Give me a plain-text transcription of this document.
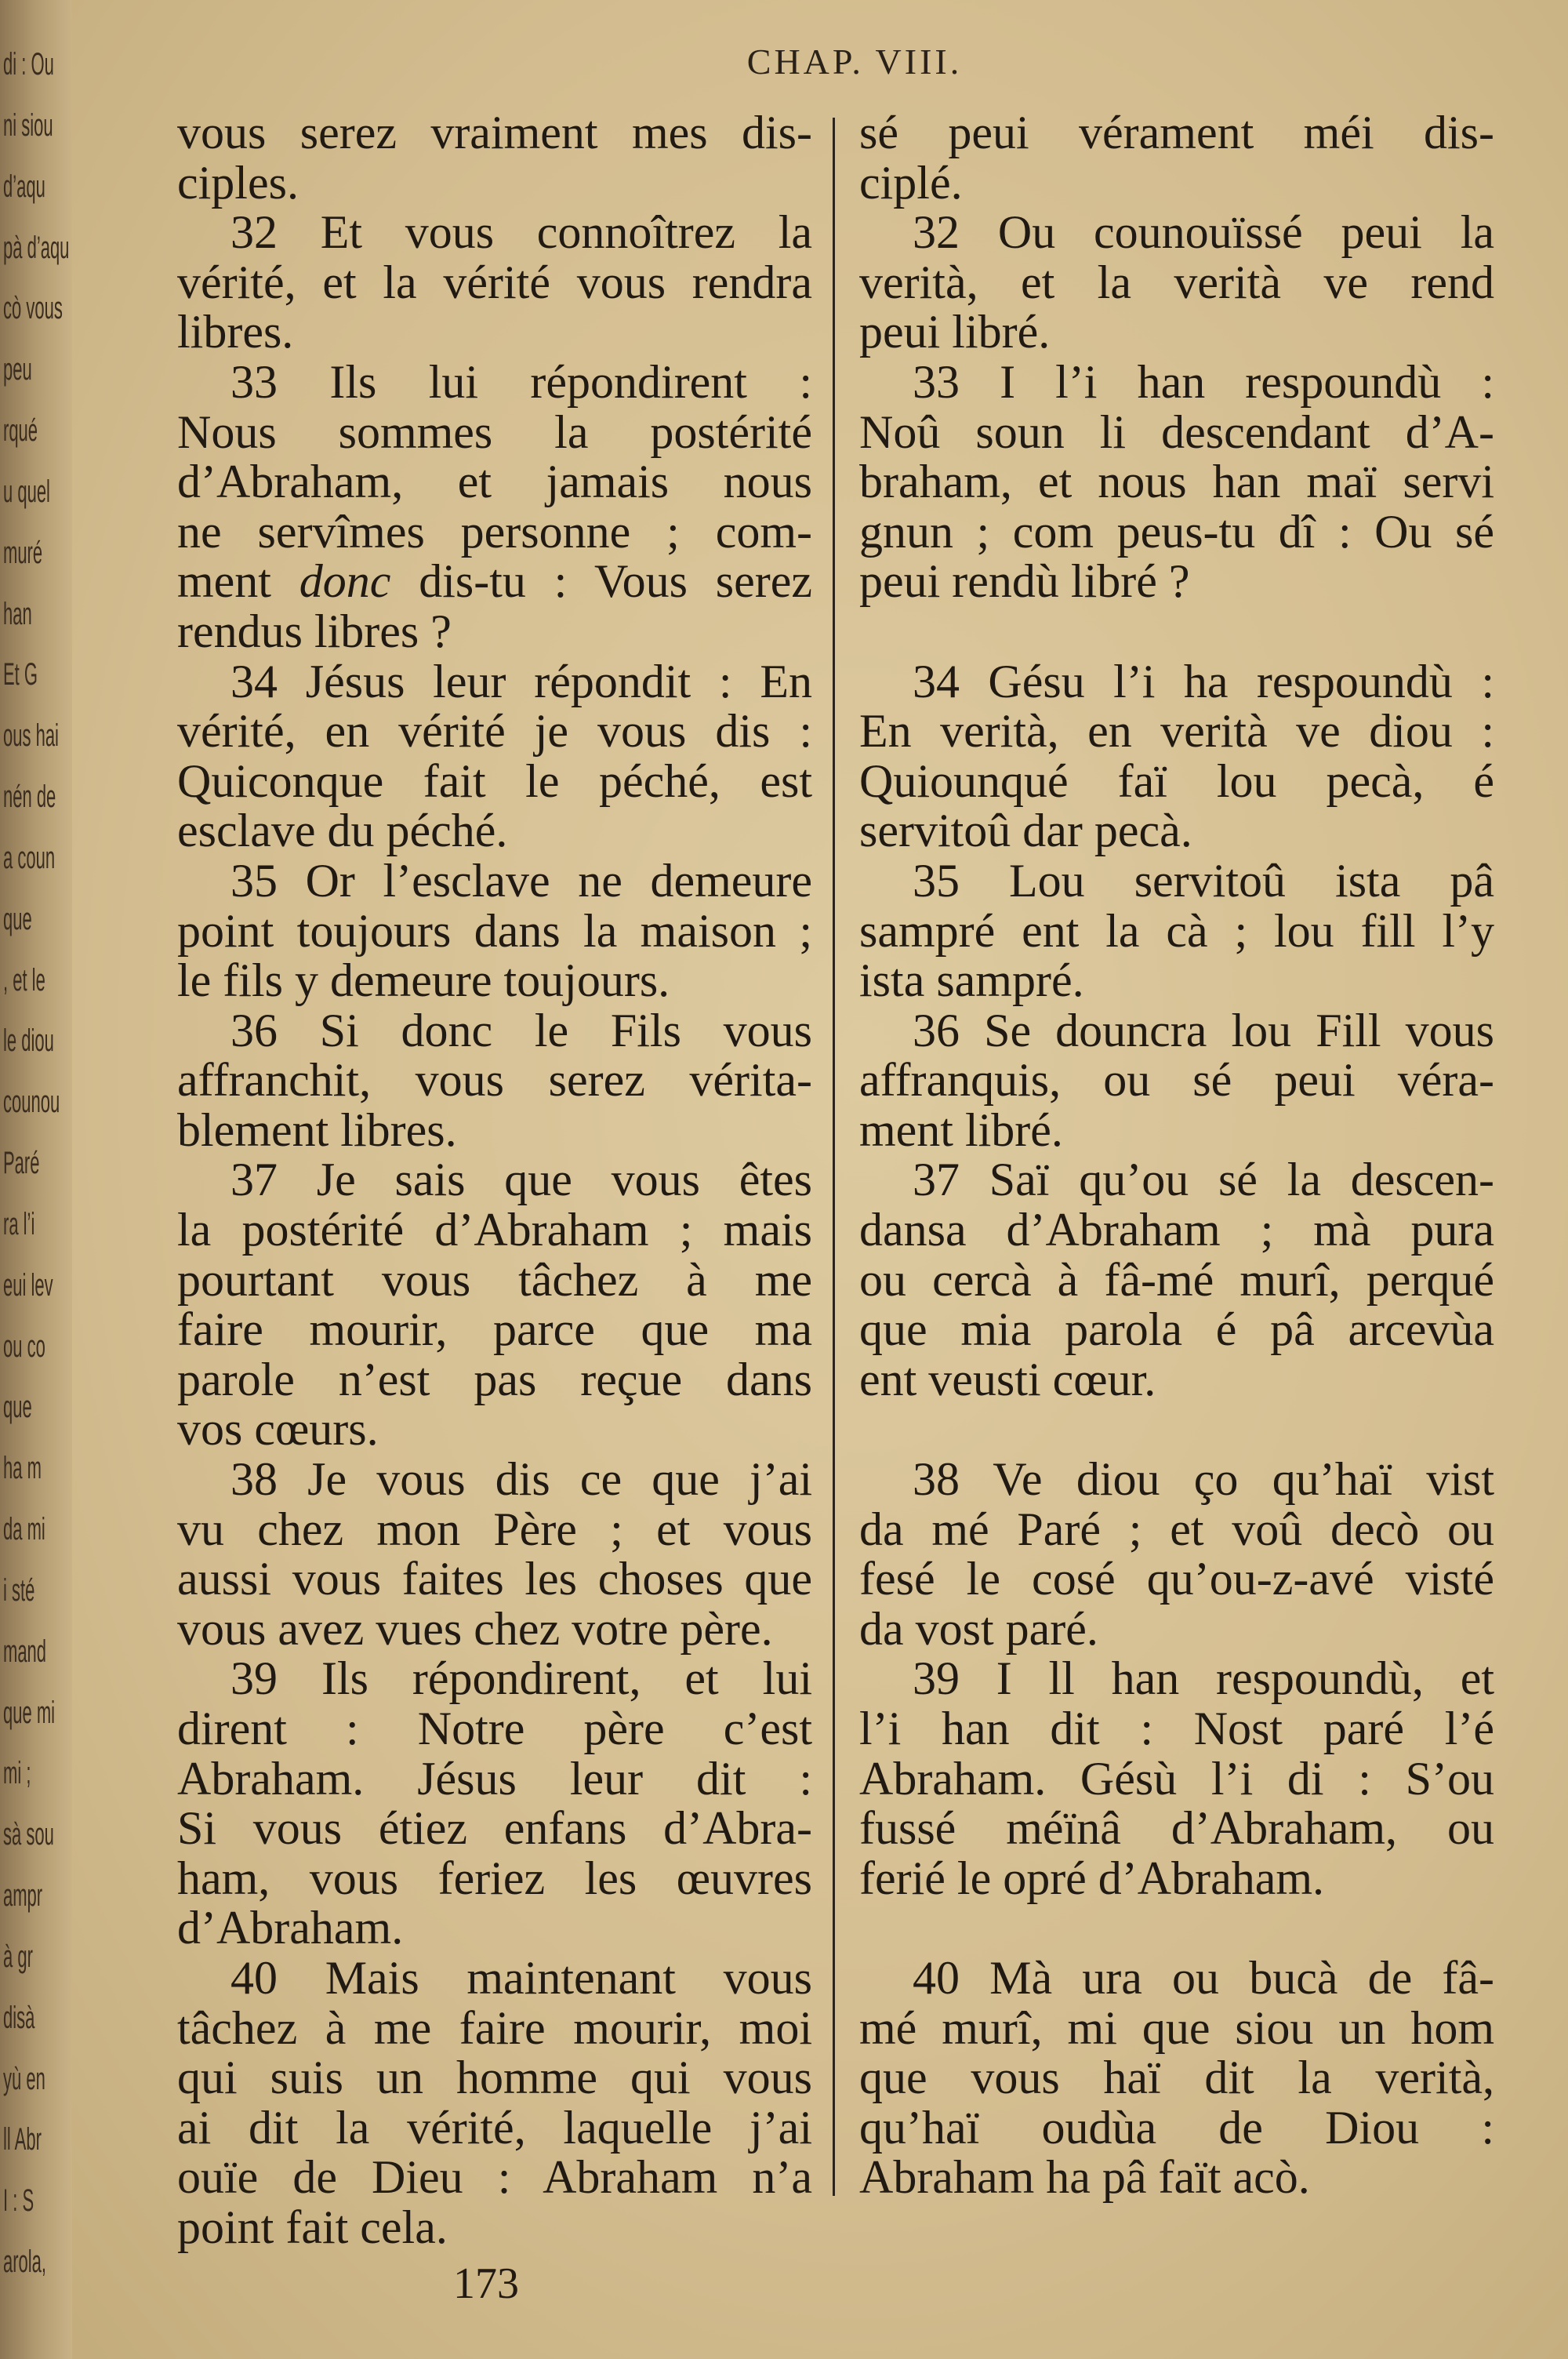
di : Ou
ni siou
d’aqu
pà d’aqu
cò vous
peu
rqué
u quel
muré
han
Et G
ous hai
nén de
a coun
que
, et le
le diou
counou
Paré
ra l’i
eui lev
ou co
que
ha m
da mi
i sté
mand
que mi
mi ;
sà sou
ampr
à gr
disà
yù en
ll Abr
I : S
arola,
CHAP. VIII.
vous serez vraiment mes dis-
ciples.
32 Et vous connoîtrez la
vérité, et la vérité vous rendra
libres.
33 Ils lui répondirent :
Nous sommes la postérité
d’Abraham, et jamais nous
ne servîmes personne ; com-
ment donc dis-tu : Vous serez
rendus libres ?
34 Jésus leur répondit : En
vérité, en vérité je vous dis :
Quiconque fait le péché, est
esclave du péché.
35 Or l’esclave ne demeure
point toujours dans la maison ;
le fils y demeure toujours.
36 Si donc le Fils vous
affranchit, vous serez vérita-
blement libres.
37 Je sais que vous êtes
la postérité d’Abraham ; mais
pourtant vous tâchez à me
faire mourir, parce que ma
parole n’est pas reçue dans
vos cœurs.
38 Je vous dis ce que j’ai
vu chez mon Père ; et vous
aussi vous faites les choses que
vous avez vues chez votre père.
39 Ils répondirent, et lui
dirent : Notre père c’est
Abraham. Jésus leur dit :
Si vous étiez enfans d’Abra-
ham, vous feriez les œuvres
d’Abraham.
40 Mais maintenant vous
tâchez à me faire mourir, moi
qui suis un homme qui vous
ai dit la vérité, laquelle j’ai
ouïe de Dieu : Abraham n’a
point fait cela.
sé peui vérament méi dis-
ciplé.
32 Ou counouïssé peui la
verità, et la verità ve rend
peui libré.
33 I l’i han respoundù :
Noû soun li descendant d’A-
braham, et nous han maï servi
gnun ; com peus-tu dî : Ou sé
peui rendù libré ?
34 Gésu l’i ha respoundù :
En verità, en verità ve diou :
Quiounqué faï lou pecà, é
servitoû dar pecà.
35 Lou servitoû ista pâ
sampré ent la cà ; lou fill l’y
ista sampré.
36 Se douncra lou Fill vous
affranquis, ou sé peui véra-
ment libré.
37 Saï qu’ou sé la descen-
dansa d’Abraham ; mà pura
ou cercà à fâ-mé murî, perqué
que mia parola é pâ arcevùa
ent veusti cœur.
38 Ve diou ço qu’haï vist
da mé Paré ; et voû decò ou
fesé le cosé qu’ou-z-avé visté
da vost paré.
39 I ll han respoundù, et
l’i han dit : Nost paré l’é
Abraham. Gésù l’i di : S’ou
fussé méïnâ d’Abraham, ou
ferié le opré d’Abraham.
40 Mà ura ou bucà de fâ-
mé murî, mi que siou un hom
que vous haï dit la verità,
qu’haï oudùa de Diou :
Abraham ha pâ faït acò.
173
